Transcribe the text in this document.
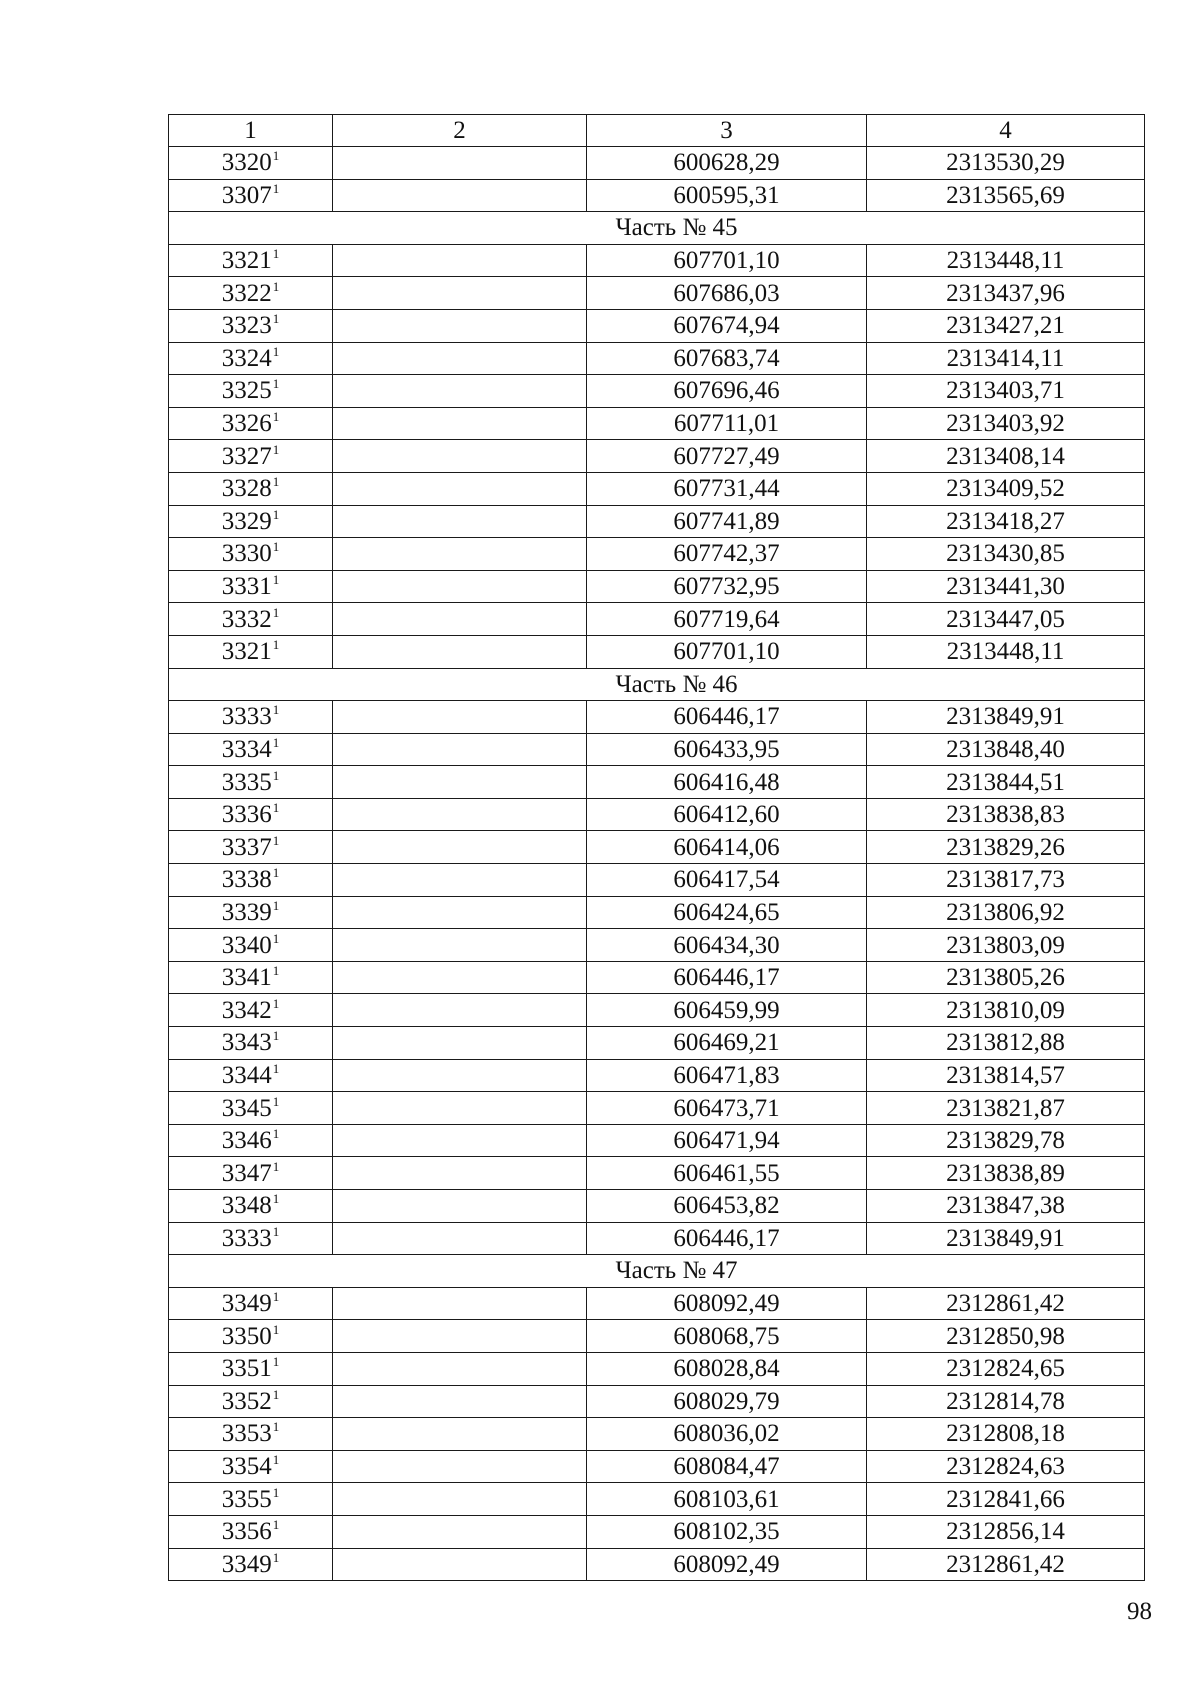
1	2	3	4
3320$^1$		600628,29	2313530,29
3307$^1$		600595,31	2313565,69
Часть № 45			
3321$^1$		607701,10	2313448,11
3322$^1$		607686,03	2313437,96
3323$^1$		607674,94	2313427,21
3324$^1$		607683,74	2313414,11
3325$^1$		607696,46	2313403,71
3326$^1$		607711,01	2313403,92
3327$^1$		607727,49	2313408,14
3328$^1$		607731,44	2313409,52
3329$^1$		607741,89	2313418,27
3330$^1$		607742,37	2313430,85
3331$^1$		607732,95	2313441,30
3332$^1$		607719,64	2313447,05
3321$^1$		607701,10	2313448,11
Часть № 46			
3333$^1$		606446,17	2313849,91
3334$^1$		606433,95	2313848,40
3335$^1$		606416,48	2313844,51
3336$^1$		606412,60	2313838,83
3337$^1$		606414,06	2313829,26
3338$^1$		606417,54	2313817,73
3339$^1$		606424,65	2313806,92
3340$^1$		606434,30	2313803,09
3341$^1$		606446,17	2313805,26
3342$^1$		606459,99	2313810,09
3343$^1$		606469,21	2313812,88
3344$^1$		606471,83	2313814,57
3345$^1$		606473,71	2313821,87
3346$^1$		606471,94	2313829,78
3347$^1$		606461,55	2313838,89
3348$^1$		606453,82	2313847,38
3333$^1$		606446,17	2313849,91
Часть № 47			
3349$^1$		608092,49	2312861,42
3350$^1$		608068,75	2312850,98
3351$^1$		608028,84	2312824,65
3352$^1$		608029,79	2312814,78
3353$^1$		608036,02	2312808,18
3354$^1$		608084,47	2312824,63
3355$^1$		608103,61	2312841,66
3356$^1$		608102,35	2312856,14
3349$^1$		608092,49	2312861,42
98
